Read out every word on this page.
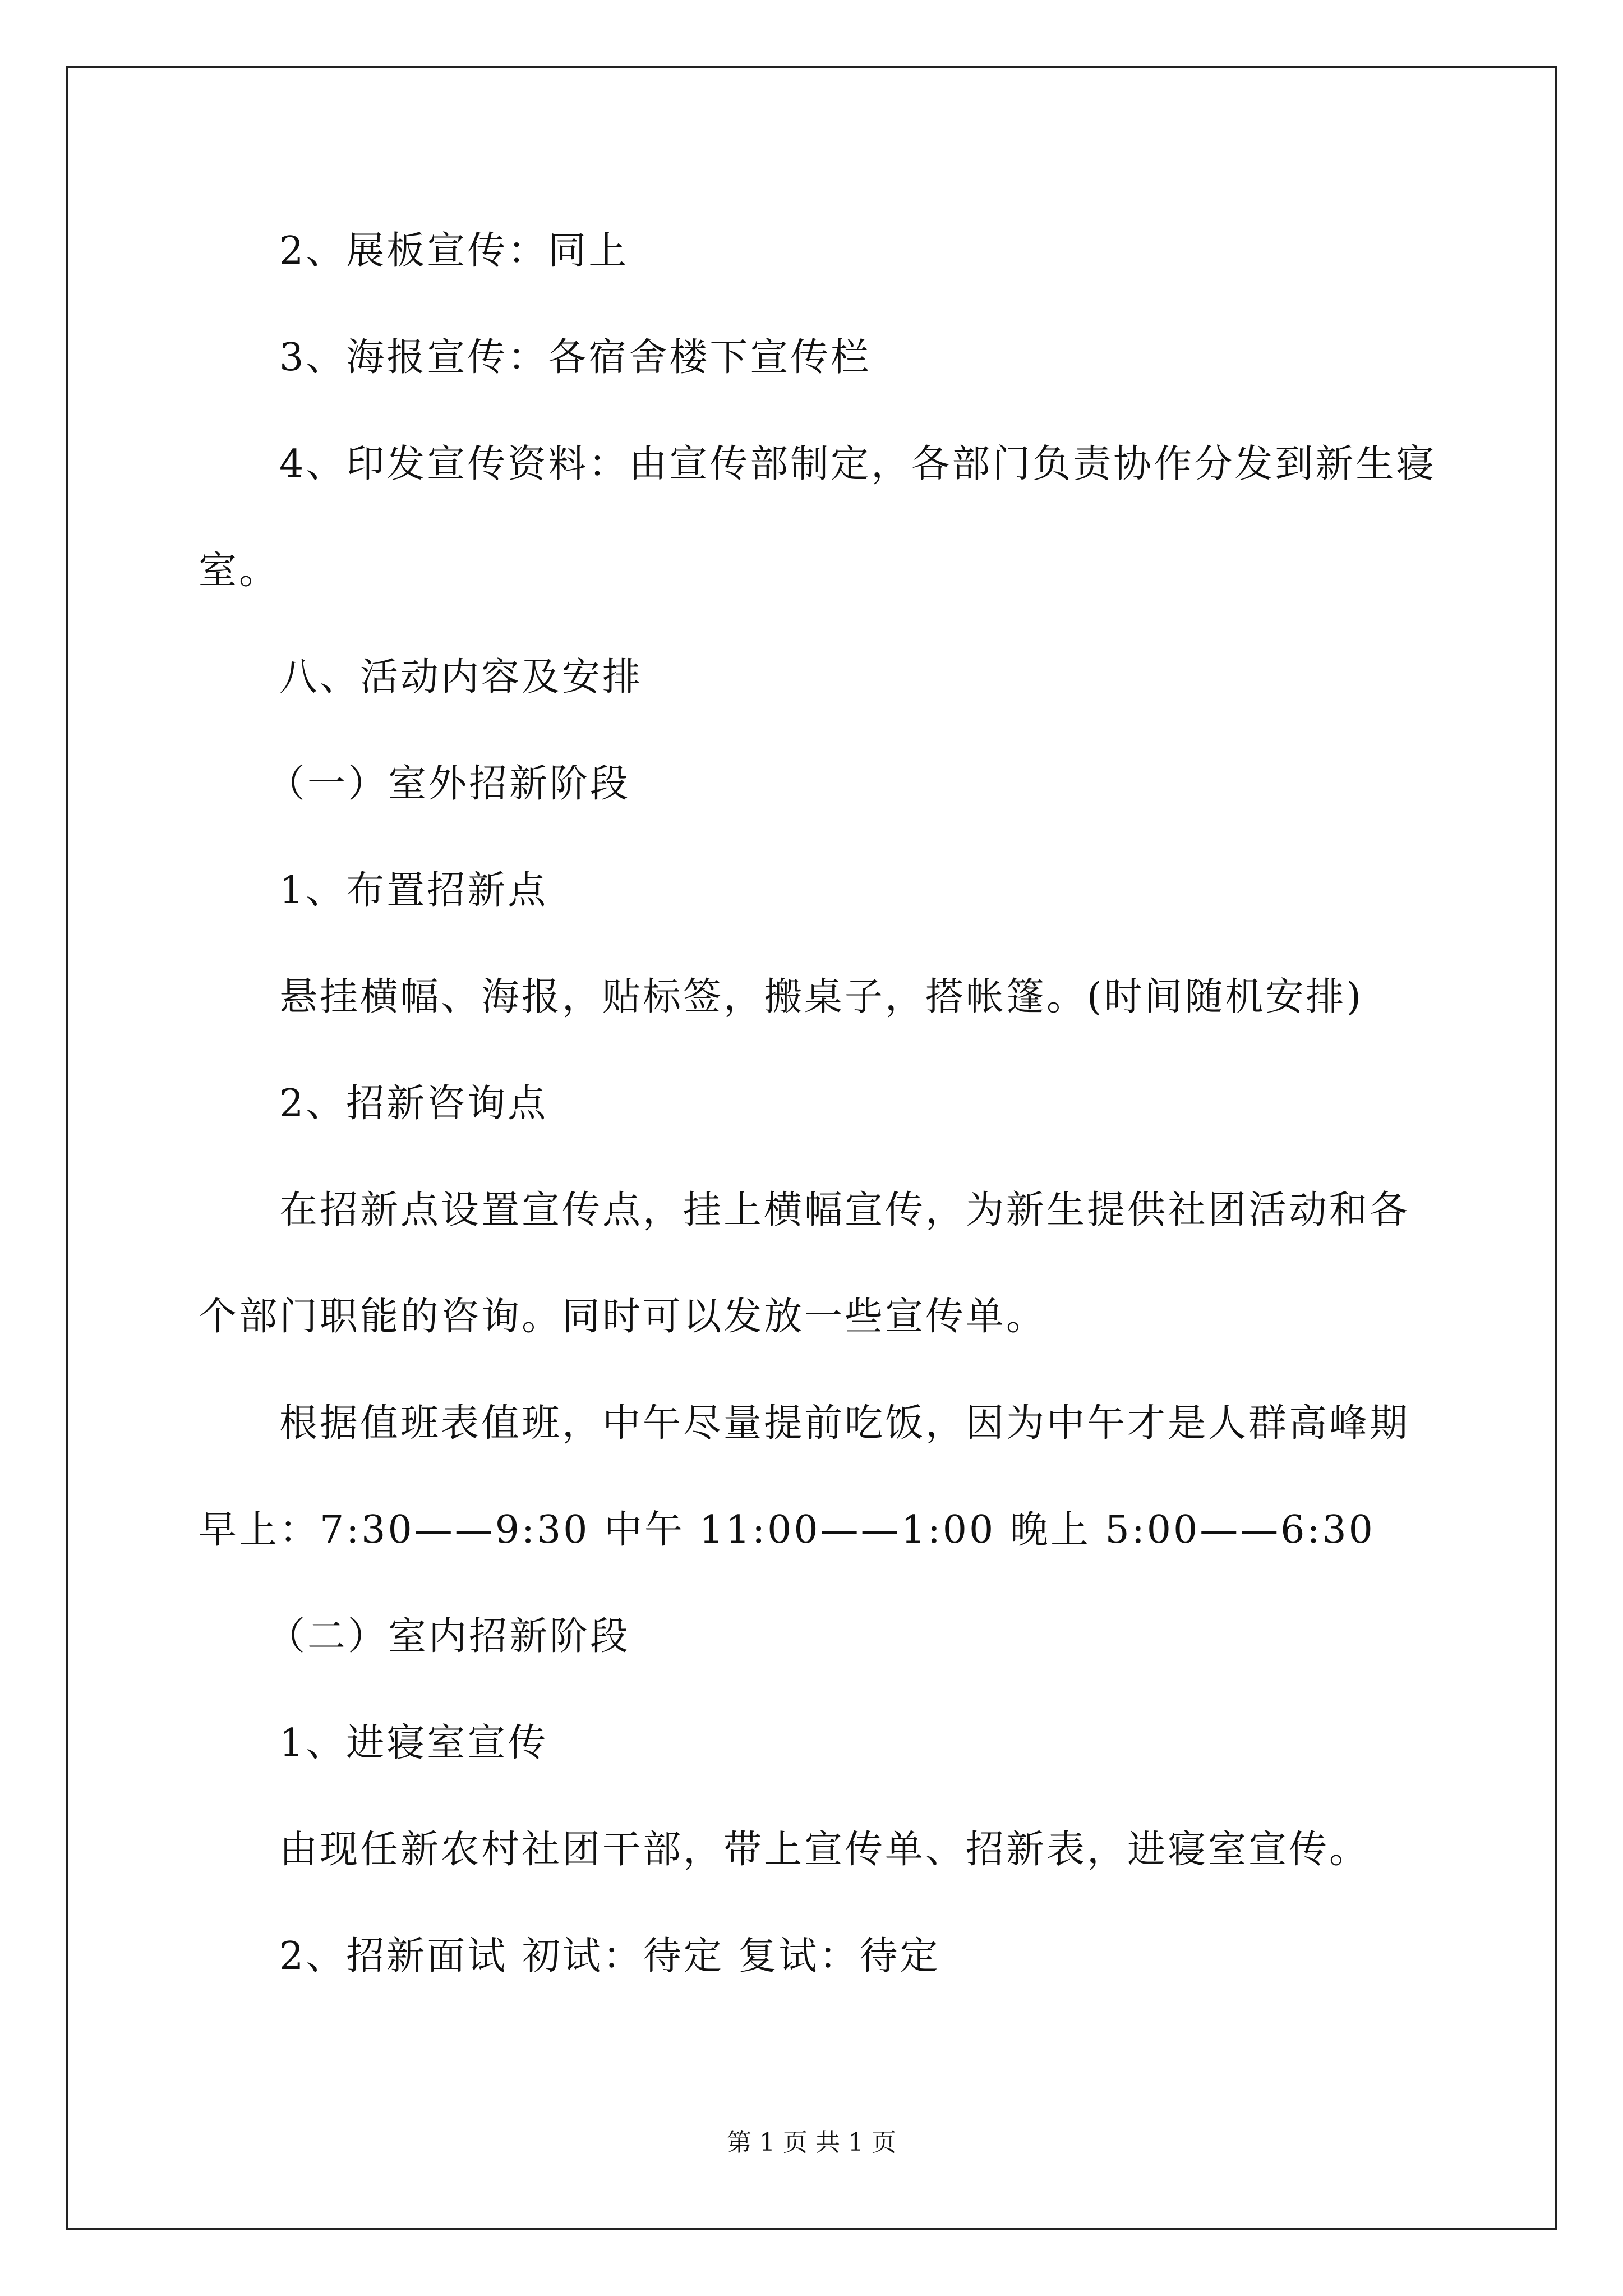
2、展板宣传：同上
3、海报宣传：各宿舍楼下宣传栏
4、印发宣传资料：由宣传部制定，各部门负责协作分发到新生寝
室。
八、活动内容及安排
（一）室外招新阶段
1、布置招新点
悬挂横幅、海报，贴标签，搬桌子，搭帐篷。(时间随机安排)
2、招新咨询点
在招新点设置宣传点，挂上横幅宣传，为新生提供社团活动和各
个部门职能的咨询。同时可以发放一些宣传单。
根据值班表值班，中午尽量提前吃饭，因为中午才是人群高峰期
早上：7:30——9:30 中午 11:00——1:00 晚上 5:00——6:30
（二）室内招新阶段
1、进寝室宣传
由现任新农村社团干部，带上宣传单、招新表，进寝室宣传。
2、招新面试 初试：待定 复试：待定
第 1 页 共 1 页
